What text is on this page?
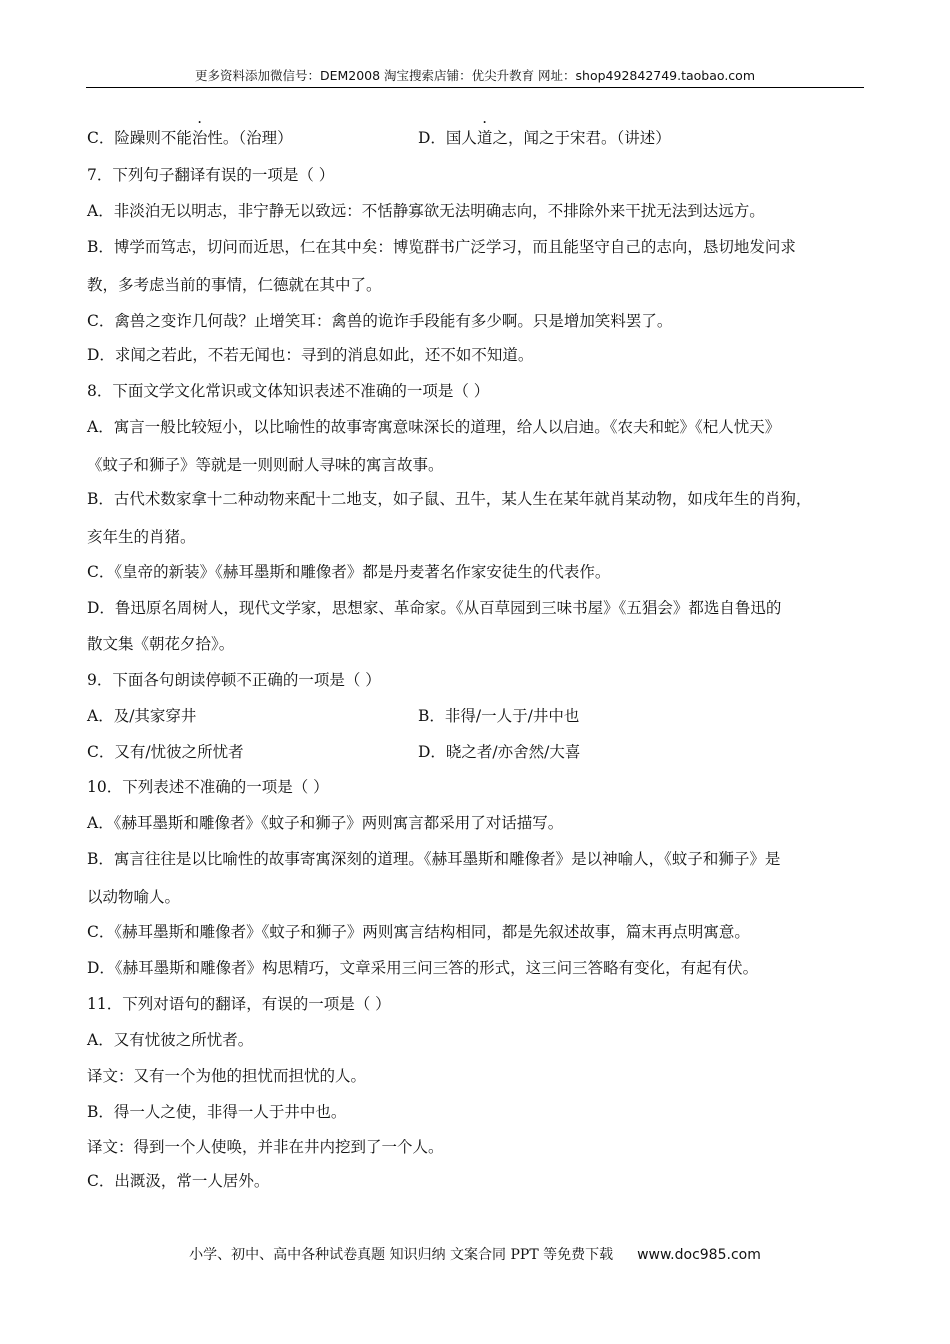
更多资料添加微信号：DEM2008 淘宝搜索店铺：优尖升教育 网址：shop492842749.taobao.com
C．险躁则不能治性。（治理）	D．国人道之，闻之于宋君。（讲述）
7．下列句子翻译有误的一项是（ ）
A．非淡泊无以明志，非宁静无以致远：不恬静寡欲无法明确志向，不排除外来干扰无法到达远方。
B．博学而笃志，切问而近思，仁在其中矣：博览群书广泛学习，而且能坚守自己的志向，恳切地发问求
教，多考虑当前的事情，仁德就在其中了。
C．禽兽之变诈几何哉？止增笑耳：禽兽的诡诈手段能有多少啊。只是增加笑料罢了。
D．求闻之若此，不若无闻也：寻到的消息如此，还不如不知道。
8．下面文学文化常识或文体知识表述不准确的一项是（ ）
A．寓言一般比较短小，以比喻性的故事寄寓意味深长的道理，给人以启迪。《农夫和蛇》《杞人忧天》
《蚊子和狮子》等就是一则则耐人寻味的寓言故事。
B．古代术数家拿十二种动物来配十二地支，如子鼠、丑牛，某人生在某年就肖某动物，如戌年生的肖狗，
亥年生的肖猪。
C．《皇帝的新装》《赫耳墨斯和雕像者》都是丹麦著名作家安徒生的代表作。
D．鲁迅原名周树人，现代文学家，思想家、革命家。《从百草园到三味书屋》《五猖会》都选自鲁迅的
散文集《朝花夕拾》。
9．下面各句朗读停顿不正确的一项是（ ）
A．及/其家穿井	B．非得/一人于/井中也
C．又有/忧彼之所忧者	D．晓之者/亦舍然/大喜
10．下列表述不准确的一项是（ ）
A．《赫耳墨斯和雕像者》《蚊子和狮子》两则寓言都采用了对话描写。
B．寓言往往是以比喻性的故事寄寓深刻的道理。《赫耳墨斯和雕像者》是以神喻人，《蚊子和狮子》是
以动物喻人。
C．《赫耳墨斯和雕像者》《蚊子和狮子》两则寓言结构相同，都是先叙述故事，篇末再点明寓意。
D．《赫耳墨斯和雕像者》构思精巧，文章采用三问三答的形式，这三问三答略有变化，有起有伏。
11．下列对语句的翻译，有误的一项是（ ）
A．又有忧彼之所忧者。
译文：又有一个为他的担忧而担忧的人。
B．得一人之使，非得一人于井中也。
译文：得到一个人使唤，并非在井内挖到了一个人。
C．出溉汲，常一人居外。
小学、初中、高中各种试卷真题 知识归纳 文案合同 PPT 等免费下载 www.doc985.com
